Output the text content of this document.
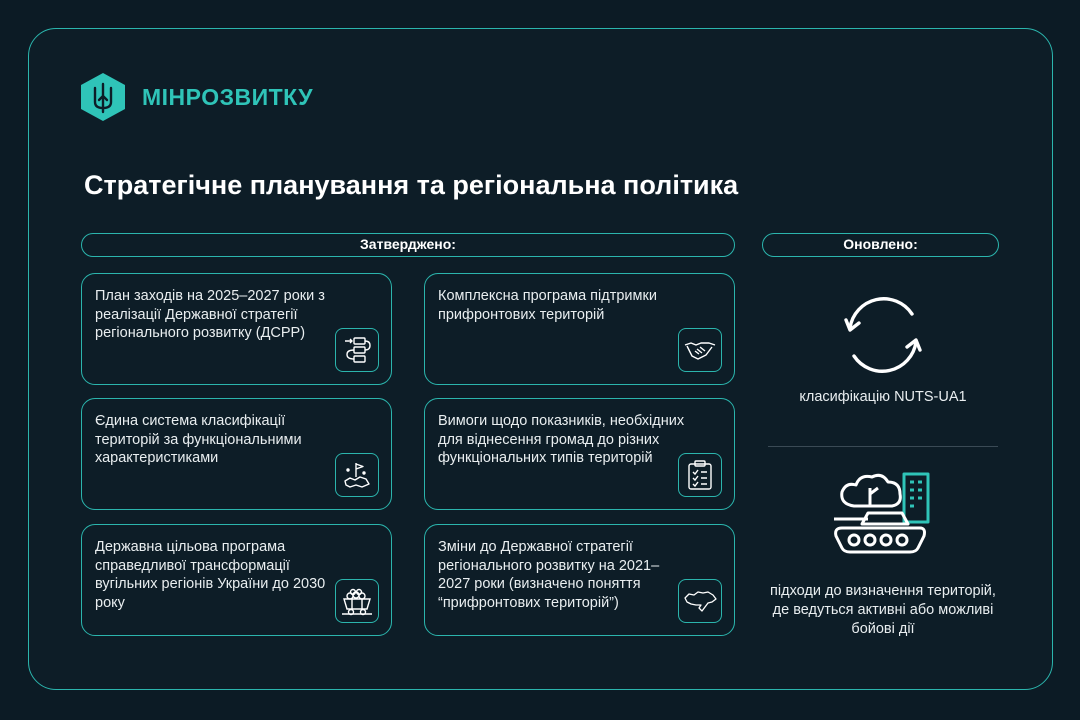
МІНРОЗВИТКУ
Стратегічне планування та регіональна політика
Затверджено:	Оновлено:
План заходів на 2025–2027 роки з реалізації Державної стратегії регіонального розвитку (ДСРР)
Комплексна програма підтримки прифронтових територій
Єдина система класифікації територій за функціональними характеристиками
Вимоги щодо показників, необхідних для віднесення громад до різних функціональних типів територій
Державна цільова програма справедливої трансформації вугільних регіонів України до 2030 року
Зміни до Державної стратегії регіонального розвитку на 2021–2027 роки (визначено поняття “прифронтових територій”)
класифікацію NUTS-UA1
підходи до визначення територій, де ведуться активні або можливі бойові дії
